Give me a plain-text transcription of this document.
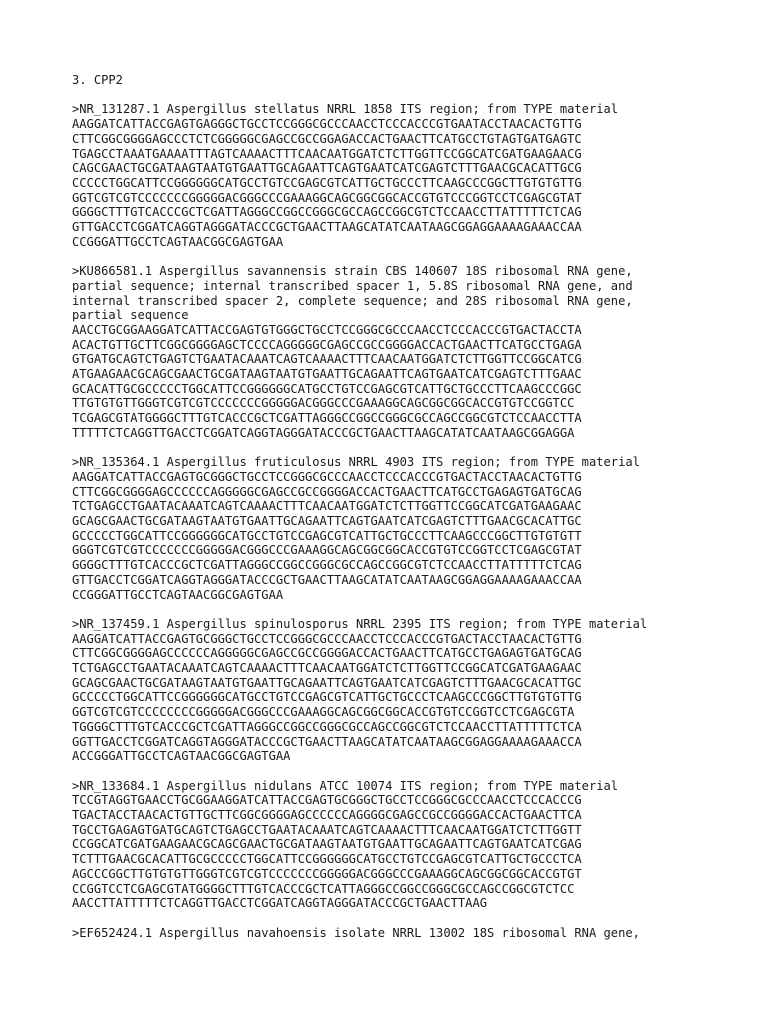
3. CPP2
>NR_131287.1 Aspergillus stellatus NRRL 1858 ITS region; from TYPE material
AAGGATCATTACCGAGTGAGGGCTGCCTCCGGGCGCCCAACCTCCCACCCGTGAATACCTAACACTGTTG
CTTCGGCGGGGAGCCCTCTCGGGGGCGAGCCGCCGGAGACCACTGAACTTCATGCCTGTAGTGATGAGTC
TGAGCCTAAATGAAAATTTAGTCAAAACTTTCAACAATGGATCTCTTGGTTCCGGCATCGATGAAGAACG
CAGCGAACTGCGATAAGTAATGTGAATTGCAGAATTCAGTGAATCATCGAGTCTTTGAACGCACATTGCG
CCCCCTGGCATTCCGGGGGGCATGCCTGTCCGAGCGTCATTGCTGCCCTTCAAGCCCGGCTTGTGTGTTG
GGTCGTCGTCCCCCCCGGGGGACGGGCCCGAAAGGCAGCGGCGGCACCGTGTCCCGGTCCTCGAGCGTAT
GGGGCTTTGTCACCCGCTCGATTAGGGCCGGCCGGGCGCCAGCCGGCGTCTCCAACCTTATTTTTCTCAG
GTTGACCTCGGATCAGGTAGGGATACCCGCTGAACTTAAGCATATCAATAAGCGGAGGAAAAGAAACCAA
CCGGGATTGCCTCAGTAACGGCGAGTGAA
>KU866581.1 Aspergillus savannensis strain CBS 140607 18S ribosomal RNA gene,
partial sequence; internal transcribed spacer 1, 5.8S ribosomal RNA gene, and
internal transcribed spacer 2, complete sequence; and 28S ribosomal RNA gene,
partial sequence
AACCTGCGGAAGGATCATTACCGAGTGTGGGCTGCCTCCGGGCGCCCAACCTCCCACCCGTGACTACCTA
ACACTGTTGCTTCGGCGGGGAGCTCCCCAGGGGGCGAGCCGCCGGGGACCACTGAACTTCATGCCTGAGA
GTGATGCAGTCTGAGTCTGAATACAAATCAGTCAAAACTTTCAACAATGGATCTCTTGGTTCCGGCATCG
ATGAAGAACGCAGCGAACTGCGATAAGTAATGTGAATTGCAGAATTCAGTGAATCATCGAGTCTTTGAAC
GCACATTGCGCCCCCTGGCATTCCGGGGGGCATGCCTGTCCGAGCGTCATTGCTGCCCTTCAAGCCCGGC
TTGTGTGTTGGGTCGTCGTCCCCCCCGGGGGACGGGCCCGAAAGGCAGCGGCGGCACCGTGTCCGGTCC
TCGAGCGTATGGGGCTTTGTCACCCGCTCGATTAGGGCCGGCCGGGCGCCAGCCGGCGTCTCCAACCTTA
TTTTTCTCAGGTTGACCTCGGATCAGGTAGGGATACCCGCTGAACTTAAGCATATCAATAAGCGGAGGA
>NR_135364.1 Aspergillus fruticulosus NRRL 4903 ITS region; from TYPE material
AAGGATCATTACCGAGTGCGGGCTGCCTCCGGGCGCCCAACCTCCCACCCGTGACTACCTAACACTGTTG
CTTCGGCGGGGAGCCCCCCAGGGGGCGAGCCGCCGGGGACCACTGAACTTCATGCCTGAGAGTGATGCAG
TCTGAGCCTGAATACAAATCAGTCAAAACTTTCAACAATGGATCTCTTGGTTCCGGCATCGATGAAGAAC
GCAGCGAACTGCGATAAGTAATGTGAATTGCAGAATTCAGTGAATCATCGAGTCTTTGAACGCACATTGC
GCCCCCTGGCATTCCGGGGGGCATGCCTGTCCGAGCGTCATTGCTGCCCTTCAAGCCCGGCTTGTGTGTT
GGGTCGTCGTCCCCCCCGGGGGACGGGCCCGAAAGGCAGCGGCGGCACCGTGTCCGGTCCTCGAGCGTAT
GGGGCTTTGTCACCCGCTCGATTAGGGCCGGCCGGGCGCCAGCCGGCGTCTCCAACCTTATTTTTCTCAG
GTTGACCTCGGATCAGGTAGGGATACCCGCTGAACTTAAGCATATCAATAAGCGGAGGAAAAGAAACCAA
CCGGGATTGCCTCAGTAACGGCGAGTGAA
>NR_137459.1 Aspergillus spinulosporus NRRL 2395 ITS region; from TYPE material
AAGGATCATTACCGAGTGCGGGCTGCCTCCGGGCGCCCAACCTCCCACCCGTGACTACCTAACACTGTTG
CTTCGGCGGGGAGCCCCCCAGGGGGCGAGCCGCCGGGGACCACTGAACTTCATGCCTGAGAGTGATGCAG
TCTGAGCCTGAATACAAATCAGTCAAAACTTTCAACAATGGATCTCTTGGTTCCGGCATCGATGAAGAAC
GCAGCGAACTGCGATAAGTAATGTGAATTGCAGAATTCAGTGAATCATCGAGTCTTTGAACGCACATTGC
GCCCCCTGGCATTCCGGGGGGCATGCCTGTCCGAGCGTCATTGCTGCCCTCAAGCCCGGCTTGTGTGTTG
GGTCGTCGTCCCCCCCCGGGGGACGGGCCCGAAAGGCAGCGGCGGCACCGTGTCCGGTCCTCGAGCGTA
TGGGGCTTTGTCACCCGCTCGATTAGGGCCGGCCGGGCGCCAGCCGGCGTCTCCAACCTTATTTTTCTCA
GGTTGACCTCGGATCAGGTAGGGATACCCGCTGAACTTAAGCATATCAATAAGCGGAGGAAAAGAAACCA
ACCGGGATTGCCTCAGTAACGGCGAGTGAA
>NR_133684.1 Aspergillus nidulans ATCC 10074 ITS region; from TYPE material
TCCGTAGGTGAACCTGCGGAAGGATCATTACCGAGTGCGGGCTGCCTCCGGGCGCCCAACCTCCCACCCG
TGACTACCTAACACTGTTGCTTCGGCGGGGAGCCCCCCAGGGGCGAGCCGCCGGGGACCACTGAACTTCA
TGCCTGAGAGTGATGCAGTCTGAGCCTGAATACAAATCAGTCAAAACTTTCAACAATGGATCTCTTGGTT
CCGGCATCGATGAAGAACGCAGCGAACTGCGATAAGTAATGTGAATTGCAGAATTCAGTGAATCATCGAG
TCTTTGAACGCACATTGCGCCCCCTGGCATTCCGGGGGGCATGCCTGTCCGAGCGTCATTGCTGCCCTCA
AGCCCGGCTTGTGTGTTGGGTCGTCGTCCCCCCCGGGGGACGGGCCCGAAAGGCAGCGGCGGCACCGTGT
CCGGTCCTCGAGCGTATGGGGCTTTGTCACCCGCTCATTAGGGCCGGCCGGGCGCCAGCCGGCGTCTCC
AACCTTATTTTTCTCAGGTTGACCTCGGATCAGGTAGGGATACCCGCTGAACTTAAG
>EF652424.1 Aspergillus navahoensis isolate NRRL 13002 18S ribosomal RNA gene,
